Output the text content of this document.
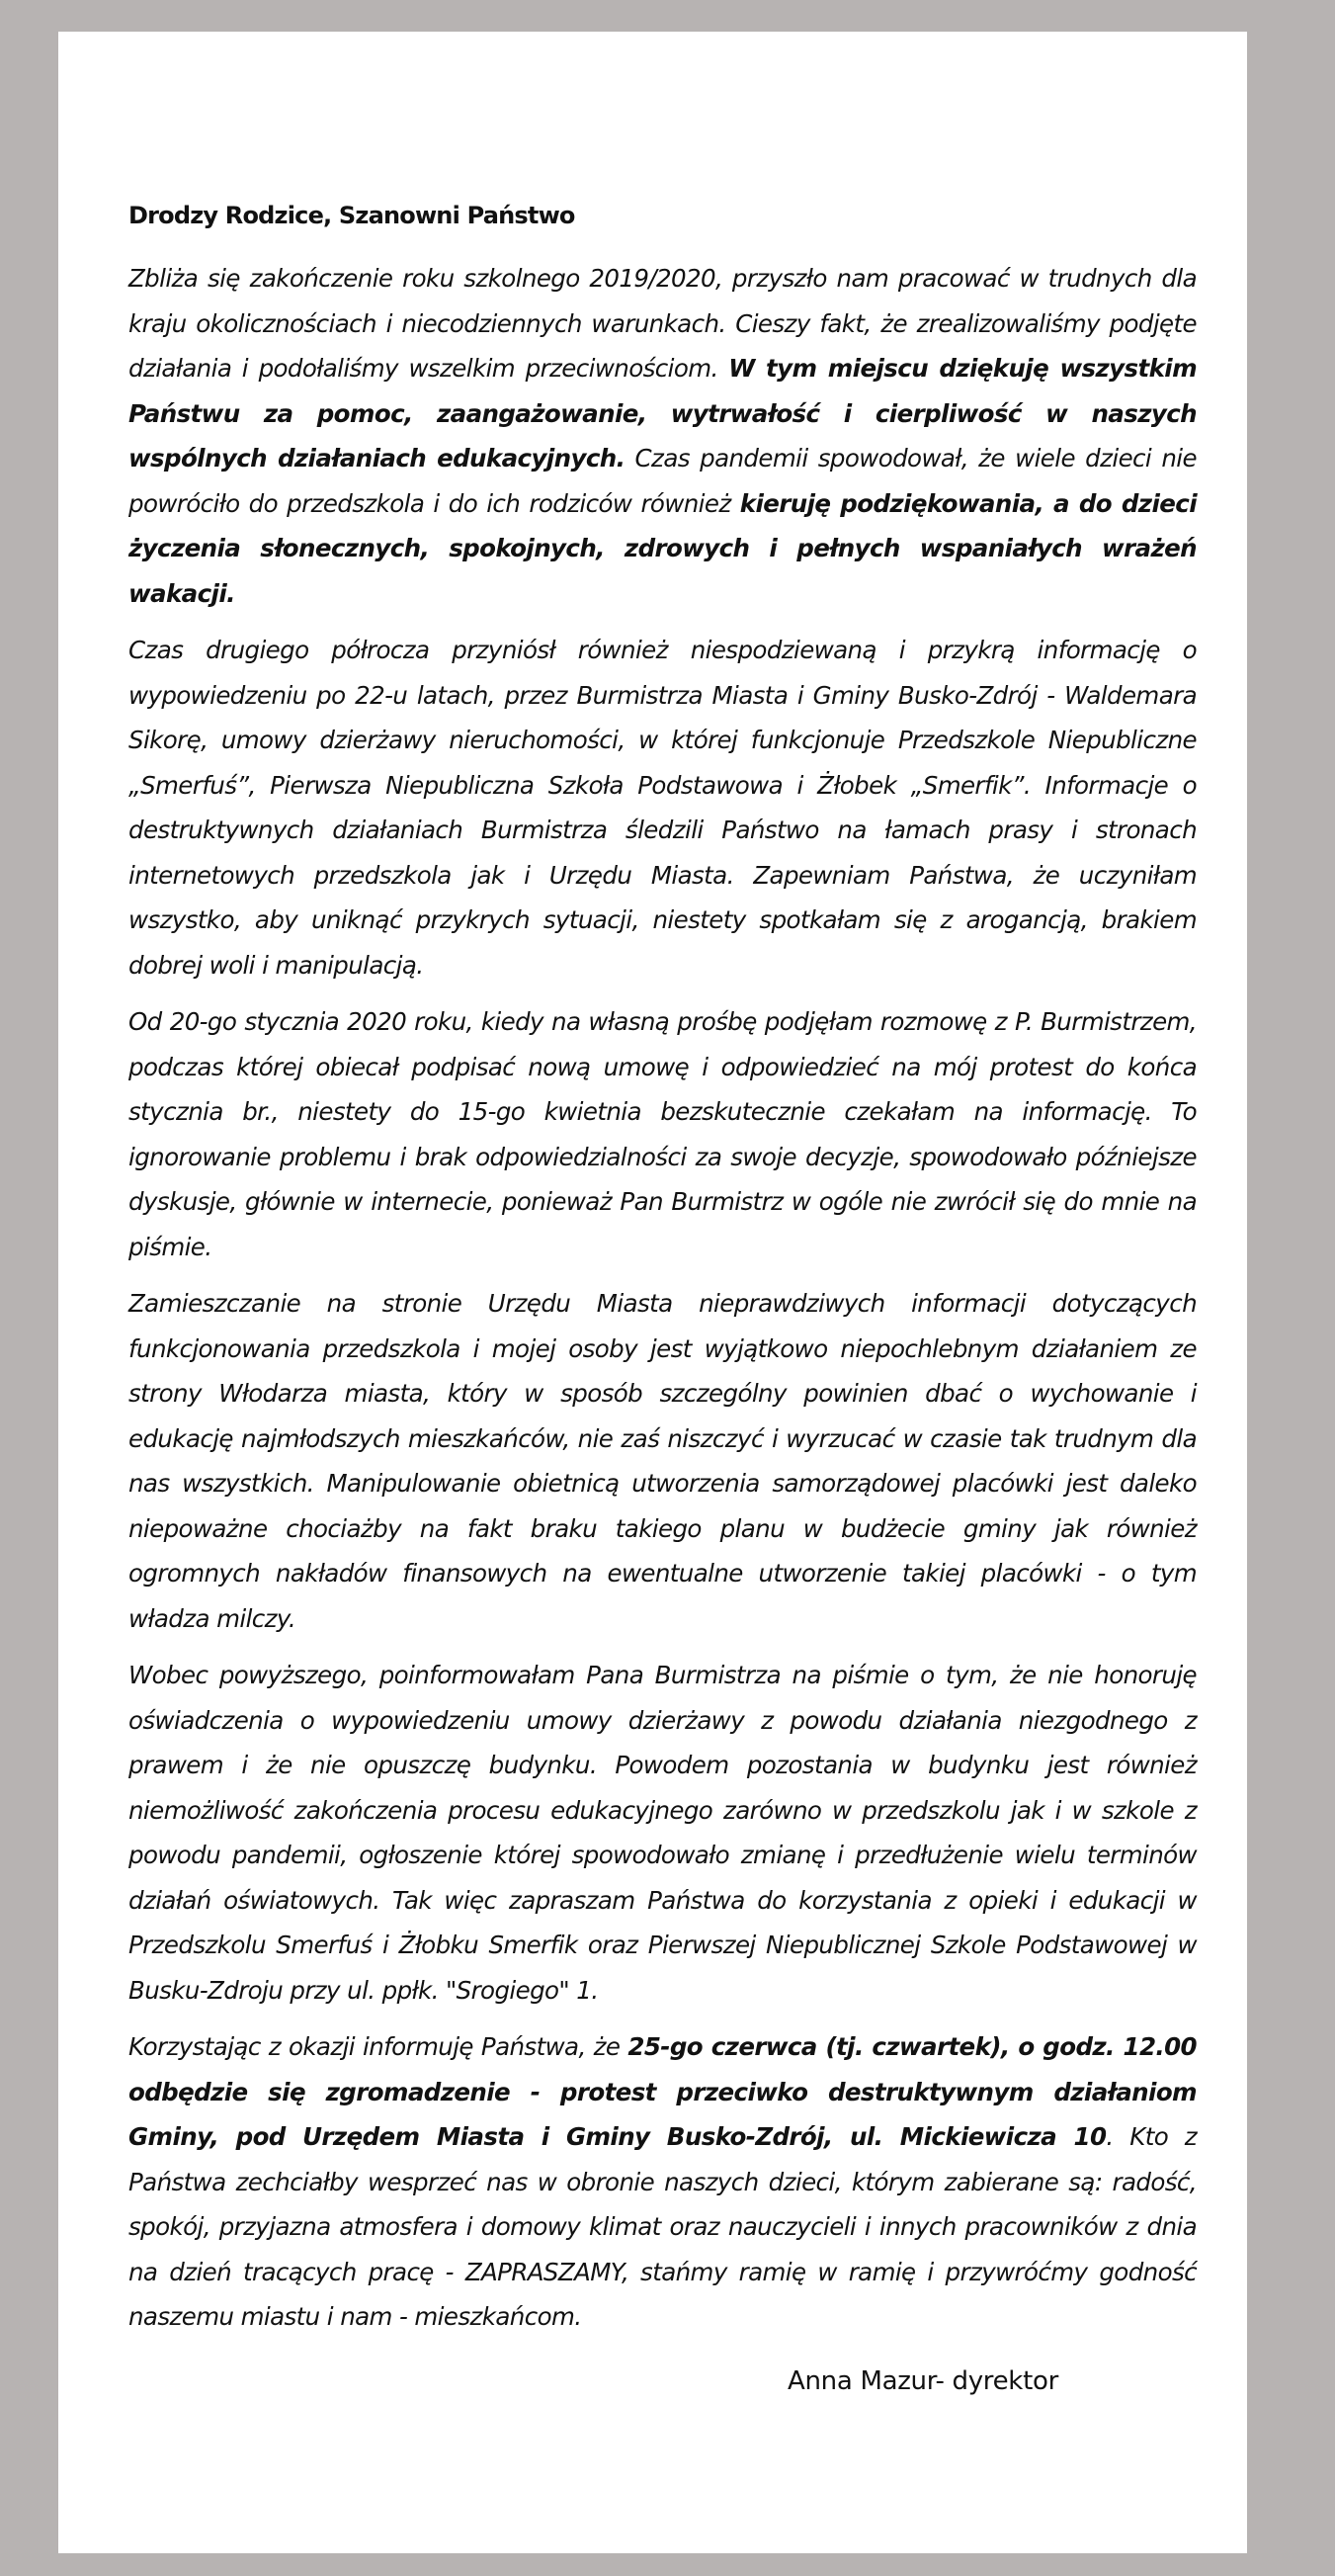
Drodzy Rodzice, Szanowni Państwo

Zbliża się zakończenie roku szkolnego 2019/2020, przyszło nam pracować w trudnych dla kraju okolicznościach i niecodziennych warunkach. Cieszy fakt, że zrealizowaliśmy podjęte działania i podołaliśmy wszelkim przeciwnościom. W tym miejscu dziękuję wszystkim Państwu za pomoc, zaangażowanie, wytrwałość i cierpliwość w naszych wspólnych działaniach edukacyjnych. Czas pandemii spowodował, że wiele dzieci nie powróciło do przedszkola i do ich rodziców również kieruję podziękowania, a do dzieci życzenia słonecznych, spokojnych, zdrowych i pełnych wspaniałych wrażeń wakacji.

Czas drugiego półrocza przyniósł również niespodziewaną i przykrą informację o wypowiedzeniu po 22-u latach, przez Burmistrza Miasta i Gminy Busko-Zdrój - Waldemara Sikorę, umowy dzierżawy nieruchomości, w której funkcjonuje Przedszkole Niepubliczne „Smerfuś”, Pierwsza Niepubliczna Szkoła Podstawowa i Żłobek „Smerfik”. Informacje o destruktywnych działaniach Burmistrza śledzili Państwo na łamach prasy i stronach internetowych przedszkola jak i Urzędu Miasta. Zapewniam Państwa, że uczyniłam wszystko, aby uniknąć przykrych sytuacji, niestety spotkałam się z arogancją, brakiem dobrej woli i manipulacją.

Od 20-go stycznia 2020 roku, kiedy na własną prośbę podjęłam rozmowę z P. Burmistrzem, podczas której obiecał podpisać nową umowę i odpowiedzieć na mój protest do końca stycznia br., niestety do 15-go kwietnia bezskutecznie czekałam na informację. To ignorowanie problemu i brak odpowiedzialności za swoje decyzje, spowodowało późniejsze dyskusje, głównie w internecie, ponieważ Pan Burmistrz w ogóle nie zwrócił się do mnie na piśmie.

Zamieszczanie na stronie Urzędu Miasta nieprawdziwych informacji dotyczących funkcjonowania przedszkola i mojej osoby jest wyjątkowo niepochlebnym działaniem ze strony Włodarza miasta, który w sposób szczególny powinien dbać o wychowanie i edukację najmłodszych mieszkańców, nie zaś niszczyć i wyrzucać w czasie tak trudnym dla nas wszystkich. Manipulowanie obietnicą utworzenia samorządowej placówki jest daleko niepoważne chociażby na fakt braku takiego planu w budżecie gminy jak również ogromnych nakładów finansowych na ewentualne utworzenie takiej placówki - o tym władza milczy.

Wobec powyższego, poinformowałam Pana Burmistrza na piśmie o tym, że nie honoruję oświadczenia o wypowiedzeniu umowy dzierżawy z powodu działania niezgodnego z prawem i że nie opuszczę budynku. Powodem pozostania w budynku jest również niemożliwość zakończenia procesu edukacyjnego zarówno w przedszkolu jak i w szkole z powodu pandemii, ogłoszenie której spowodowało zmianę i przedłużenie wielu terminów działań oświatowych. Tak więc zapraszam Państwa do korzystania z opieki i edukacji w Przedszkolu Smerfuś i Żłobku Smerfik oraz Pierwszej Niepublicznej Szkole Podstawowej w Busku-Zdroju przy ul. ppłk. "Srogiego" 1.

Korzystając z okazji informuję Państwa, że 25-go czerwca (tj. czwartek), o godz. 12.00 odbędzie się zgromadzenie - protest przeciwko destruktywnym działaniom Gminy, pod Urzędem Miasta i Gminy Busko-Zdrój, ul. Mickiewicza 10. Kto z Państwa zechciałby wesprzeć nas w obronie naszych dzieci, którym zabierane są: radość, spokój, przyjazna atmosfera i domowy klimat oraz nauczycieli i innych pracowników z dnia na dzień tracących pracę - ZAPRASZAMY, stańmy ramię w ramię i przywróćmy godność naszemu miastu i nam - mieszkańcom.

Anna Mazur- dyrektor
